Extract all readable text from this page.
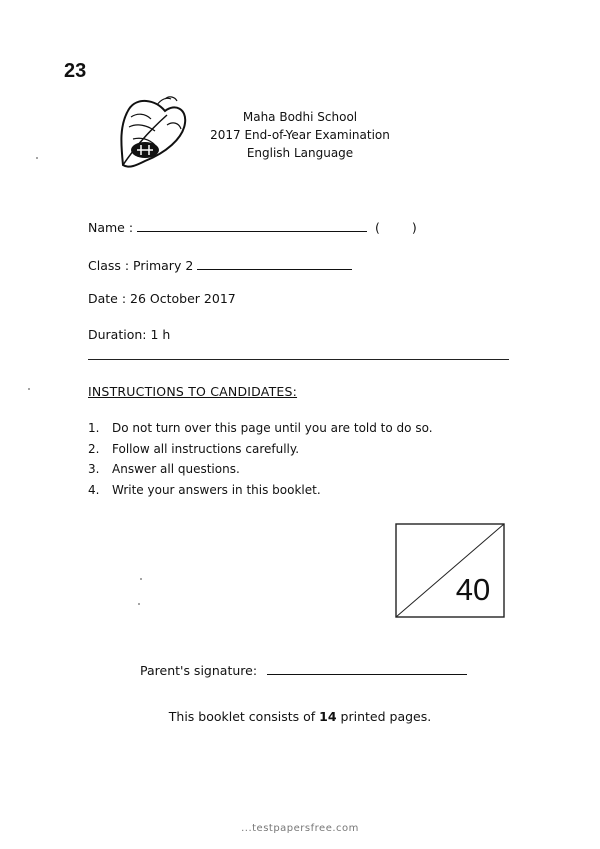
23
Maha Bodhi School
2017 End-of-Year Examination
English Language
Name :	(	)
Class : Primary 2
Date : 26 October 2017
Duration: 1 h
INSTRUCTIONS TO CANDIDATES:
1. Do not turn over this page until you are told to do so.
2. Follow all instructions carefully.
3. Answer all questions.
4. Write your answers in this booklet.
40
Parent's signature:
This booklet consists of 14 printed pages.
...testpapersfree.com
